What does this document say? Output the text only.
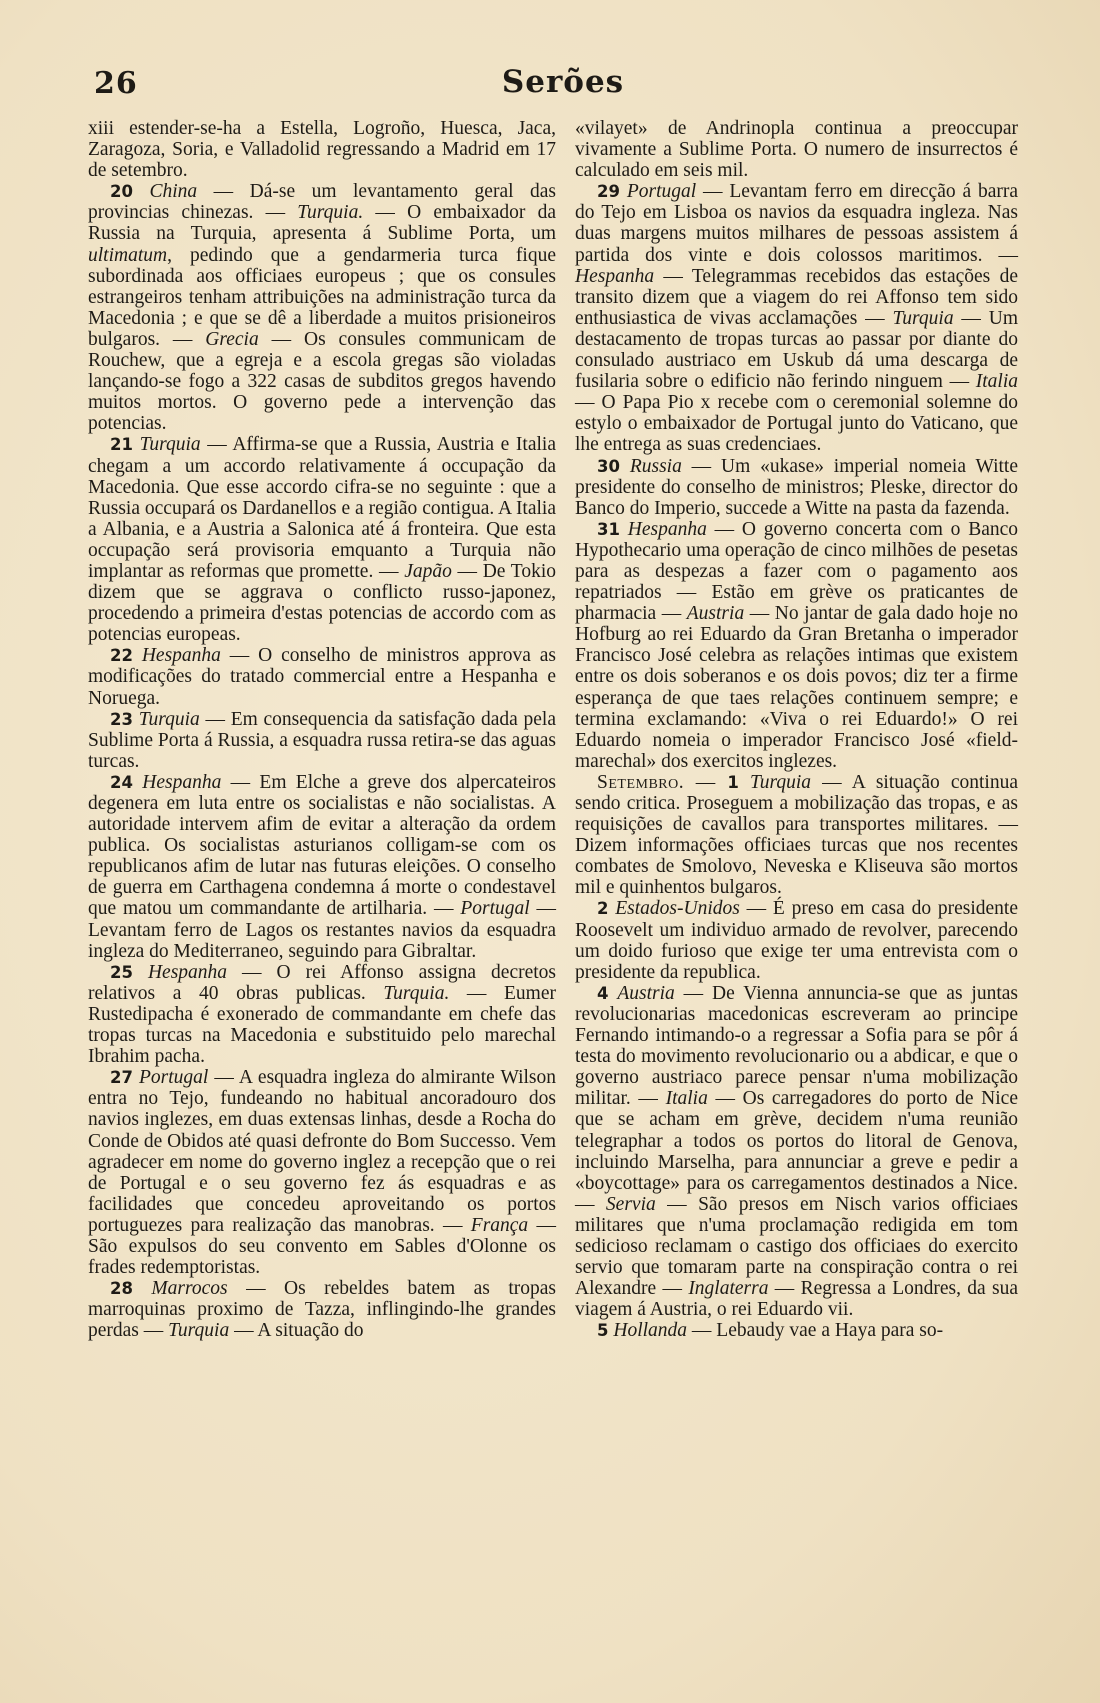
26	Serões

xiii estender-se-ha a Estella, Logroño, Huesca, Jaca, Zaragoza, Soria, e Valladolid regressando a Madrid em 17 de setembro.

20 China — Dá-se um levantamento geral das provincias chinezas. — Turquia. — O embaixador da Russia na Turquia, apresenta á Sublime Porta, um ultimatum, pedindo que a gendarmeria turca fique subordinada aos officiaes europeus ; que os consules estrangeiros tenham attribuições na administração turca da Macedonia ; e que se dê a liberdade a muitos prisioneiros bulgaros. — Grecia — Os consules communicam de Rouchew, que a egreja e a escola gregas são violadas lançando-se fogo a 322 casas de subditos gregos havendo muitos mortos. O governo pede a intervenção das potencias.

21 Turquia — Affirma-se que a Russia, Austria e Italia chegam a um accordo relativamente á occupação da Macedonia. Que esse accordo cifra-se no seguinte : que a Russia occupará os Dardanellos e a região contigua. A Italia a Albania, e a Austria a Salonica até á fronteira. Que esta occupação será provisoria emquanto a Turquia não implantar as reformas que promette. — Japão — De Tokio dizem que se aggrava o conflicto russo-japonez, procedendo a primeira d'estas potencias de accordo com as potencias europeas.

22 Hespanha — O conselho de ministros approva as modificações do tratado commercial entre a Hespanha e Noruega.

23 Turquia — Em consequencia da satisfação dada pela Sublime Porta á Russia, a esquadra russa retira-se das aguas turcas.

24 Hespanha — Em Elche a greve dos alpercateiros degenera em luta entre os socialistas e não socialistas. A autoridade intervem afim de evitar a alteração da ordem publica. Os socialistas asturianos colligam-se com os republicanos afim de lutar nas futuras eleições. O conselho de guerra em Carthagena condemna á morte o condestavel que matou um commandante de artilharia. — Portugal — Levantam ferro de Lagos os restantes navios da esquadra ingleza do Mediterraneo, seguindo para Gibraltar.

25 Hespanha — O rei Affonso assigna decretos relativos a 40 obras publicas. Turquia. — Eumer Rustedipacha é exonerado de commandante em chefe das tropas turcas na Macedonia e substituido pelo marechal Ibrahim pacha.

27 Portugal — A esquadra ingleza do almirante Wilson entra no Tejo, fundeando no habitual ancoradouro dos navios inglezes, em duas extensas linhas, desde a Rocha do Conde de Obidos até quasi defronte do Bom Successo. Vem agradecer em nome do governo inglez a recepção que o rei de Portugal e o seu governo fez ás esquadras e as facilidades que concedeu aproveitando os portos portuguezes para realização das manobras. — França — São expulsos do seu convento em Sables d'Olonne os frades redemptoristas.

28 Marrocos — Os rebeldes batem as tropas marroquinas proximo de Tazza, inflingindo-lhe grandes perdas — Turquia — A situação do

«vilayet» de Andrinopla continua a preoccupar vivamente a Sublime Porta. O numero de insurrectos é calculado em seis mil.

29 Portugal — Levantam ferro em direcção á barra do Tejo em Lisboa os navios da esquadra ingleza. Nas duas margens muitos milhares de pessoas assistem á partida dos vinte e dois colossos maritimos. — Hespanha — Telegrammas recebidos das estações de transito dizem que a viagem do rei Affonso tem sido enthusiastica de vivas acclamações — Turquia — Um destacamento de tropas turcas ao passar por diante do consulado austriaco em Uskub dá uma descarga de fusilaria sobre o edificio não ferindo ninguem — Italia — O Papa Pio x recebe com o ceremonial solemne do estylo o embaixador de Portugal junto do Vaticano, que lhe entrega as suas credenciaes.

30 Russia — Um «ukase» imperial nomeia Witte presidente do conselho de ministros; Pleske, director do Banco do Imperio, succede a Witte na pasta da fazenda.

31 Hespanha — O governo concerta com o Banco Hypothecario uma operação de cinco milhões de pesetas para as despezas a fazer com o pagamento aos repatriados — Estão em grève os praticantes de pharmacia — Austria — No jantar de gala dado hoje no Hofburg ao rei Eduardo da Gran Bretanha o imperador Francisco José celebra as relações intimas que existem entre os dois soberanos e os dois povos; diz ter a firme esperança de que taes relações continuem sempre; e termina exclamando: «Viva o rei Eduardo!» O rei Eduardo nomeia o imperador Francisco José «field-marechal» dos exercitos inglezes.

Setembro. — 1 Turquia — A situação continua sendo critica. Proseguem a mobilização das tropas, e as requisições de cavallos para transportes militares. — Dizem informações officiaes turcas que nos recentes combates de Smolovo, Neveska e Kliseuva são mortos mil e quinhentos bulgaros.

2 Estados-Unidos — É preso em casa do presidente Roosevelt um individuo armado de revolver, parecendo um doido furioso que exige ter uma entrevista com o presidente da republica.

4 Austria — De Vienna annuncia-se que as juntas revolucionarias macedonicas escreveram ao principe Fernando intimando-o a regressar a Sofia para se pôr á testa do movimento revolucionario ou a abdicar, e que o governo austriaco parece pensar n'uma mobilização militar. — Italia — Os carregadores do porto de Nice que se acham em grève, decidem n'uma reunião telegraphar a todos os portos do litoral de Genova, incluindo Marselha, para annunciar a greve e pedir a «boycottage» para os carregamentos destinados a Nice. — Servia — São presos em Nisch varios officiaes militares que n'uma proclamação redigida em tom sedicioso reclamam o castigo dos officiaes do exercito servio que tomaram parte na conspiração contra o rei Alexandre — Inglaterra — Regressa a Londres, da sua viagem á Austria, o rei Eduardo vii.

5 Hollanda — Lebaudy vae a Haya para so-
